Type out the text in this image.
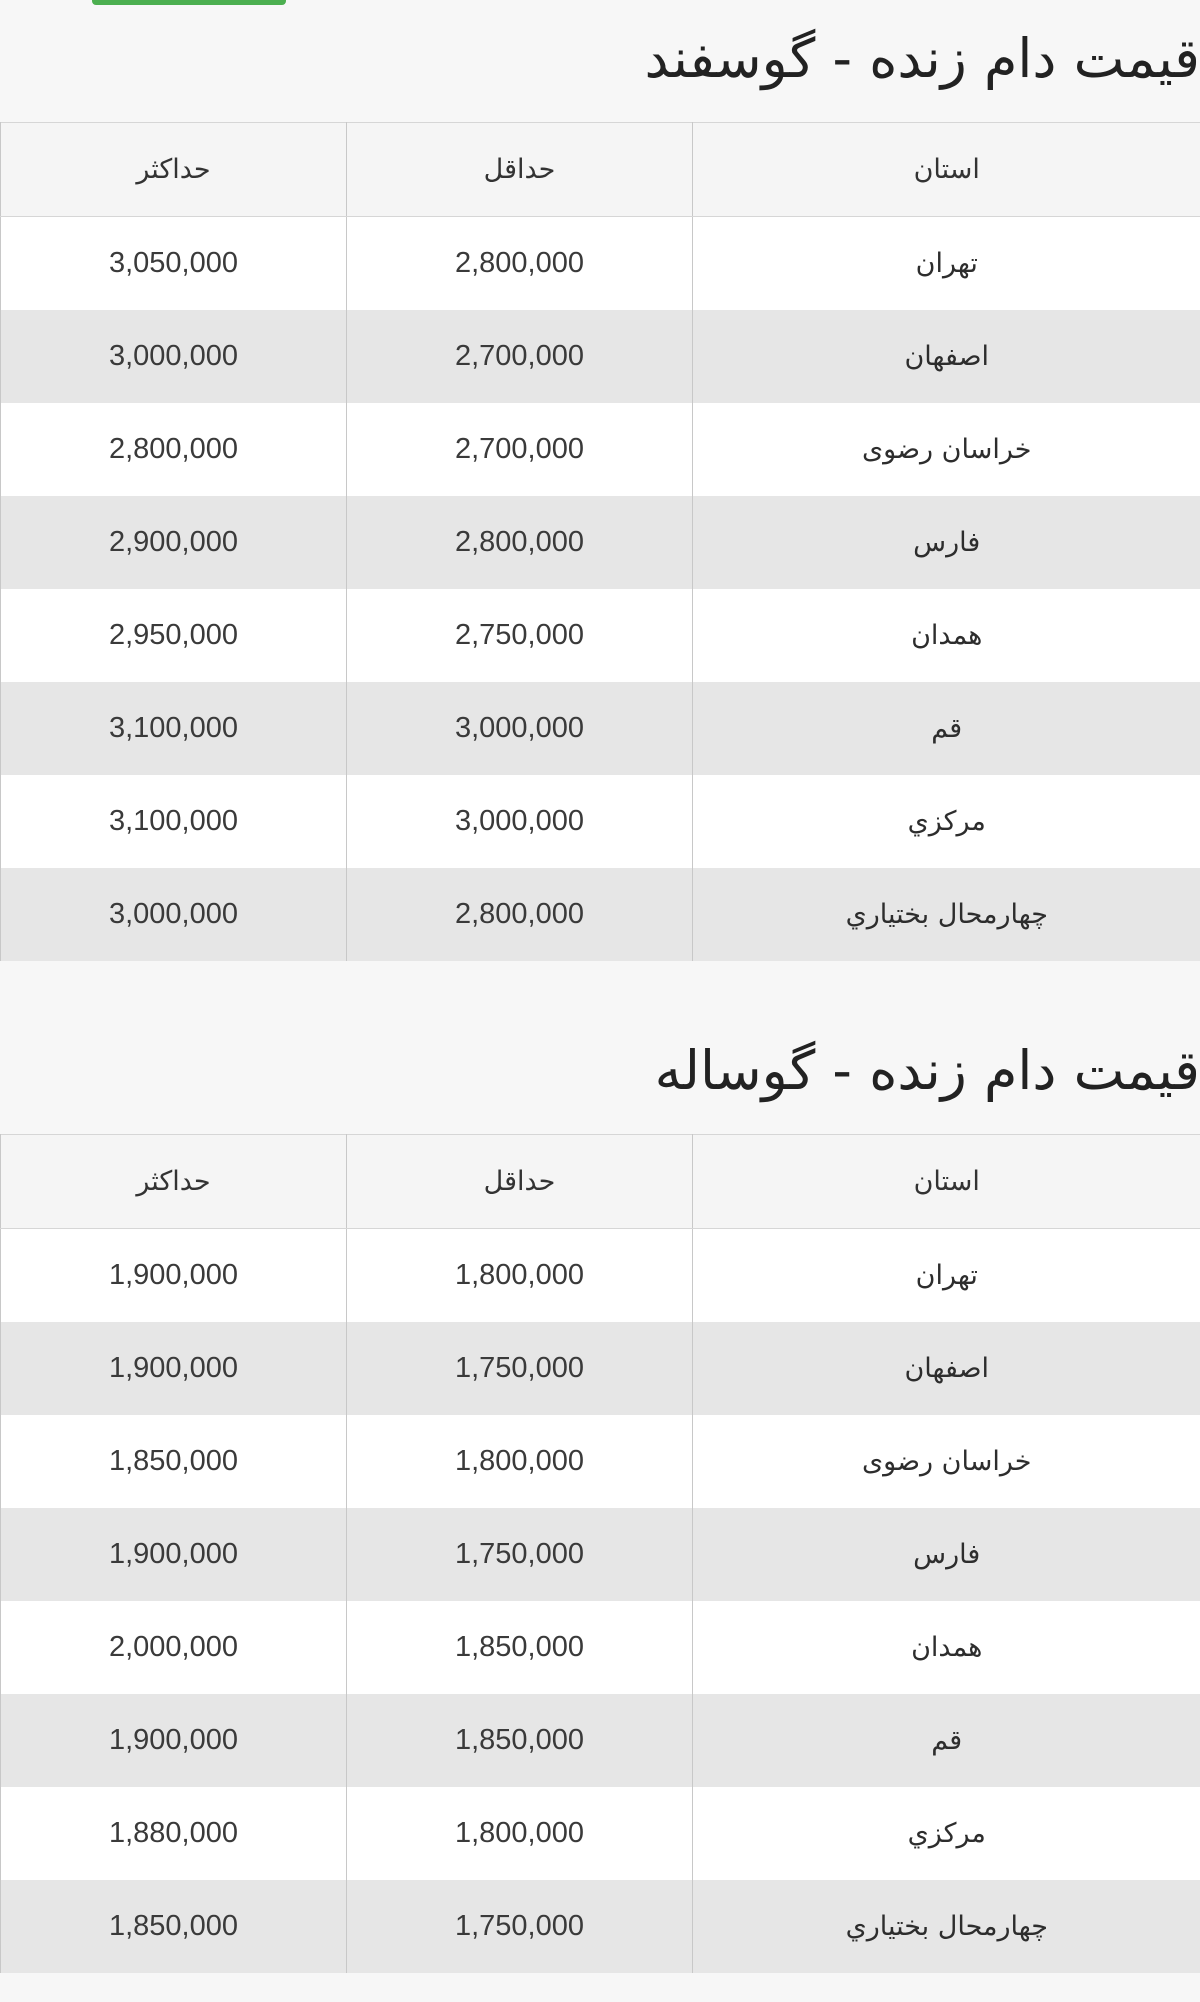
قیمت دام زنده - گوسفند
استان	حداقل	حداکثر
تهران	2,800,000	3,050,000
اصفهان	2,700,000	3,000,000
خراسان رضوی	2,700,000	2,800,000
فارس	2,800,000	2,900,000
همدان	2,750,000	2,950,000
قم	3,000,000	3,100,000
مرکزي	3,000,000	3,100,000
چهارمحال بختیاري	2,800,000	3,000,000
قیمت دام زنده - گوساله
استان	حداقل	حداکثر
تهران	1,800,000	1,900,000
اصفهان	1,750,000	1,900,000
خراسان رضوی	1,800,000	1,850,000
فارس	1,750,000	1,900,000
همدان	1,850,000	2,000,000
قم	1,850,000	1,900,000
مرکزي	1,800,000	1,880,000
چهارمحال بختیاري	1,750,000	1,850,000
